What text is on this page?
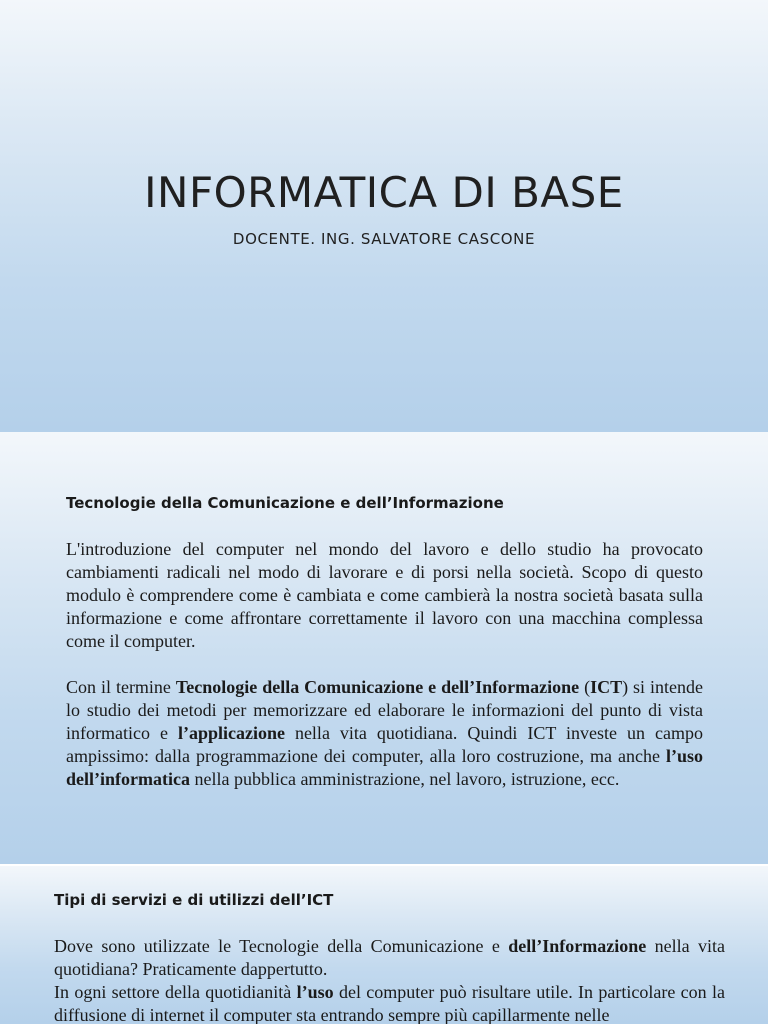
INFORMATICA DI BASE
DOCENTE. ING. SALVATORE CASCONE
Tecnologie della Comunicazione e dell’Informazione
L'introduzione del computer nel mondo del lavoro e dello studio ha provocato cambiamenti radicali nel modo di lavorare e di porsi nella società. Scopo di questo modulo è comprendere come è cambiata e come cambierà la nostra società basata sulla informazione e come affrontare correttamente il lavoro con una macchina complessa come il computer.
Con il termine Tecnologie della Comunicazione e dell’Informazione (ICT) si intende lo studio dei metodi per memorizzare ed elaborare le informazioni del punto di vista informatico e l’applicazione nella vita quotidiana. Quindi ICT investe un campo ampissimo: dalla programmazione dei computer, alla loro costruzione, ma anche l’uso dell’informatica nella pubblica amministrazione, nel lavoro, istruzione, ecc.
Tipi di servizi e di utilizzi dell’ICT
Dove sono utilizzate le Tecnologie della Comunicazione e dell’Informazione nella vita quotidiana? Praticamente dappertutto.
In ogni settore della quotidianità l’uso del computer può risultare utile. In particolare con la diffusione di internet il computer sta entrando sempre più capillarmente nelle
